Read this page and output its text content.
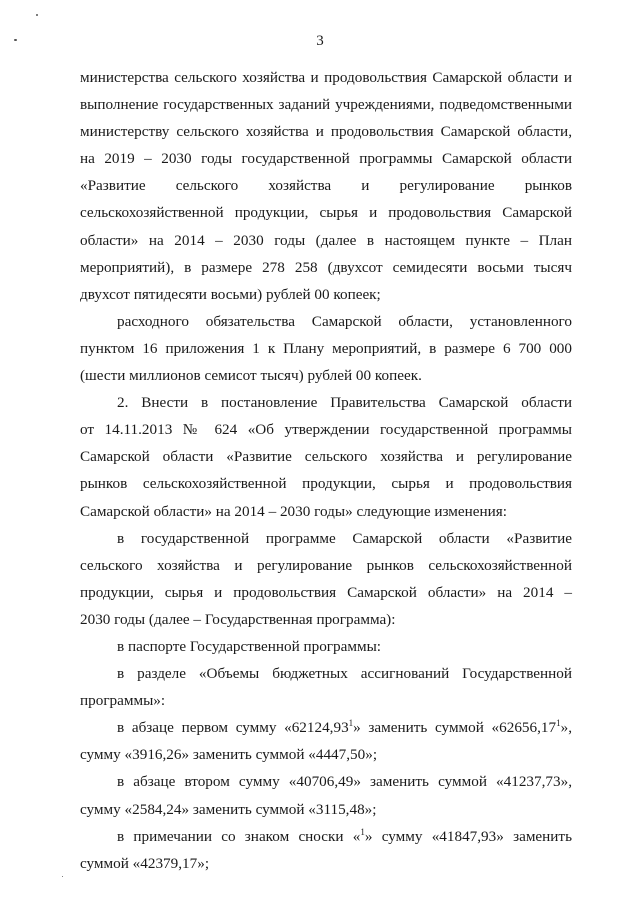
3
министерства сельского хозяйства и продовольствия Самарской области и
выполнение государственных заданий учреждениями, подведомственными
министерству сельского хозяйства и продовольствия Самарской области,
на 2019 – 2030 годы государственной программы Самарской области
«Развитие сельского хозяйства и регулирование рынков
сельскохозяйственной продукции, сырья и продовольствия Самарской
области» на 2014 – 2030 годы (далее в настоящем пункте – План
мероприятий), в размере 278 258 (двухсот семидесяти восьми тысяч
двухсот пятидесяти восьми) рублей 00 копеек;
расходного обязательства Самарской области, установленного
пунктом 16 приложения 1 к Плану мероприятий, в размере 6 700 000
(шести миллионов семисот тысяч) рублей 00 копеек.
2. Внести в постановление Правительства Самарской области
от 14.11.2013 № 624 «Об утверждении государственной программы
Самарской области «Развитие сельского хозяйства и регулирование
рынков сельскохозяйственной продукции, сырья и продовольствия
Самарской области» на 2014 – 2030 годы» следующие изменения:
в государственной программе Самарской области «Развитие
сельского хозяйства и регулирование рынков сельскохозяйственной
продукции, сырья и продовольствия Самарской области» на 2014 –
2030 годы (далее – Государственная программа):
в паспорте Государственной программы:
в разделе «Объемы бюджетных ассигнований Государственной
программы»:
в абзаце первом сумму «62124,93$^1$» заменить суммой «62656,17$^1$»,
сумму «3916,26» заменить суммой «4447,50»;
в абзаце втором сумму «40706,49» заменить суммой «41237,73»,
сумму «2584,24» заменить суммой «3115,48»;
в примечании со знаком сноски «$^1$» сумму «41847,93» заменить
суммой «42379,17»;
